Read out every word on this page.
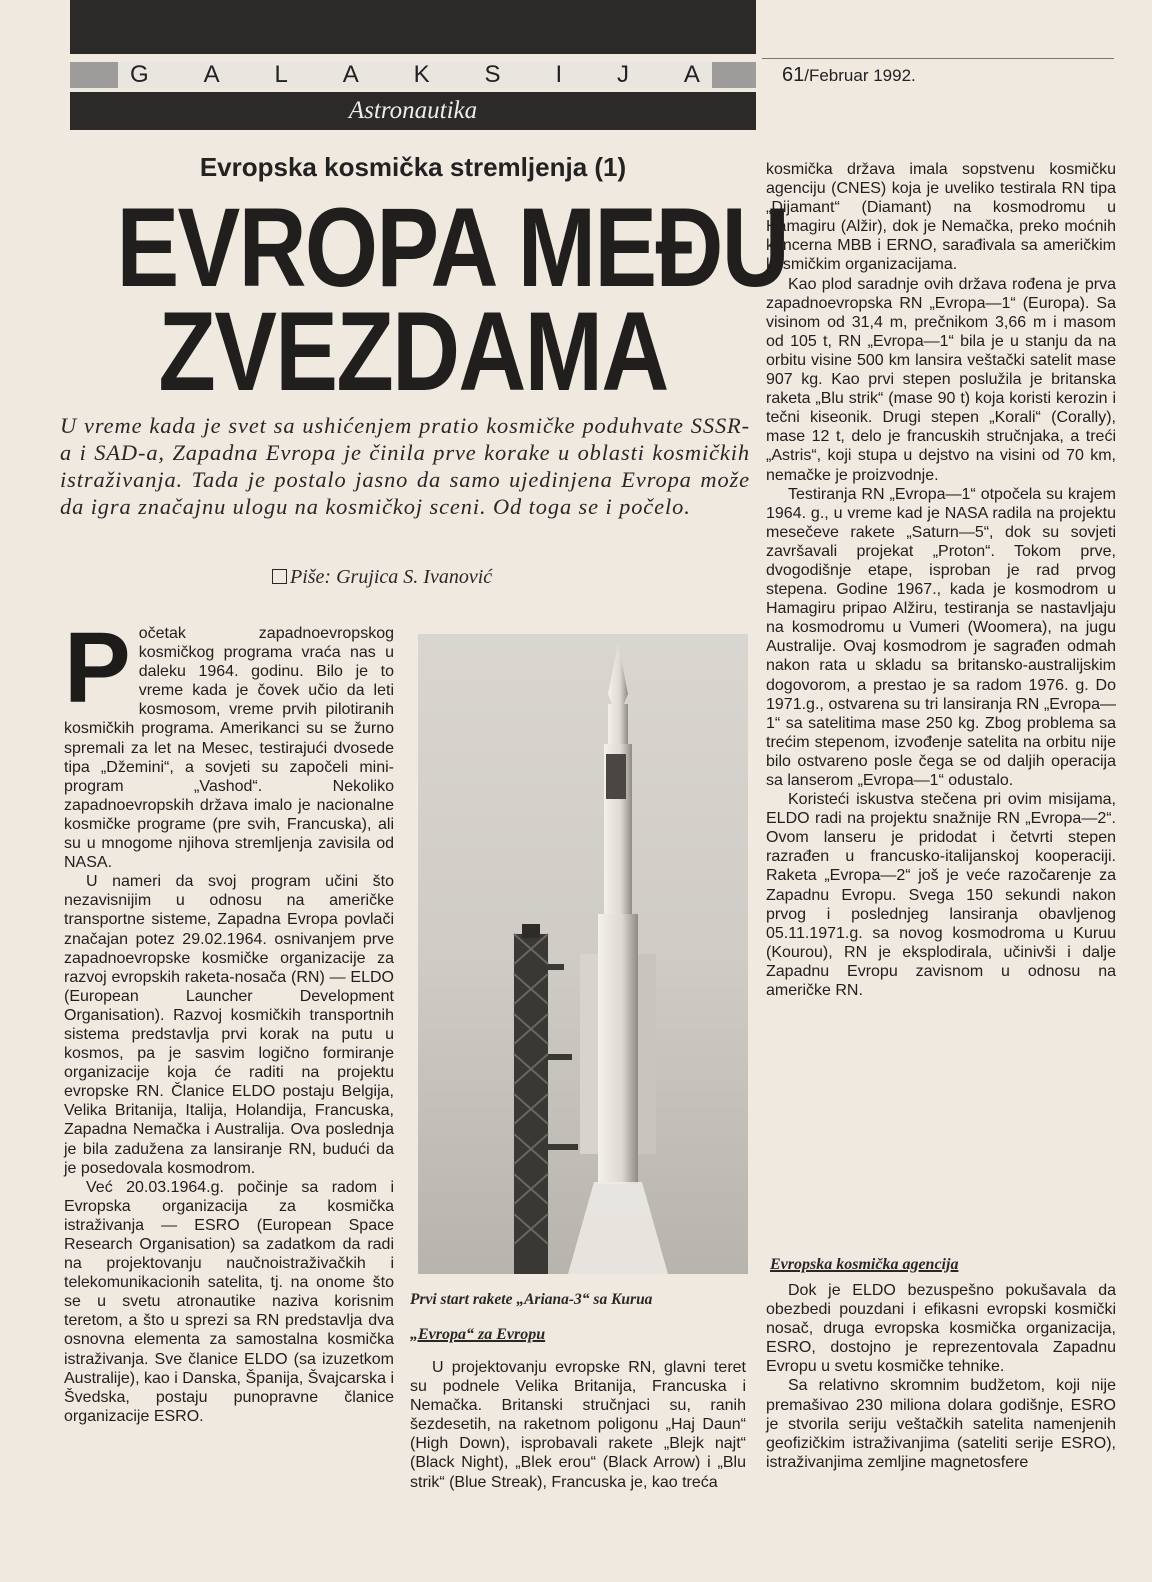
G A L A K S I J A	61/Februar 1992.
Astronautika
Evropska kosmička stremljenja (1)
EVROPA MEĐU
ZVEZDAMA

U vreme kada je svet sa ushićenjem pratio kosmičke poduhvate SSSR-a i SAD-a, Zapadna Evropa je činila prve korake u oblasti kosmičkih istraživanja. Tada je postalo jasno da samo ujedinjena Evropa može da igra značajnu ulogu na kosmičkoj sceni. Od toga se i počelo.

Piše: Grujica S. Ivanović

Početak zapadnoevropskog kosmičkog programa vraća nas u daleku 1964. godinu. Bilo je to vreme kada je čovek učio da leti kosmosom, vreme prvih pilotiranih kosmičkih programa. Amerikanci su se žurno spremali za let na Mesec, testirajući dvosede tipa „Džemini“, a sovjeti su započeli mini-program „Vashod“. Nekoliko zapadnoevropskih država imalo je nacionalne kosmičke programe (pre svih, Francuska), ali su u mnogome njihova stremljenja zavisila od NASA.

U nameri da svoj program učini što nezavisnijim u odnosu na američke transportne sisteme, Zapadna Evropa povlači značajan potez 29.02.1964. osnivanjem prve zapadnoevropske kosmičke organizacije za razvoj evropskih raketa-nosača (RN) — ELDO (European Launcher Development Organisation). Razvoj kosmičkih transportnih sistema predstavlja prvi korak na putu u kosmos, pa je sasvim logično formiranje organizacije koja će raditi na projektu evropske RN. Članice ELDO postaju Belgija, Velika Britanija, Italija, Holandija, Francuska, Zapadna Nemačka i Australija. Ova poslednja je bila zadužena za lansiranje RN, budući da je posedovala kosmodrom.

Već 20.03.1964.g. počinje sa radom i Evropska organizacija za kosmička istraživanja — ESRO (European Space Research Organisation) sa zadatkom da radi na projektovanju naučnoistraživačkih i telekomunikacionih satelita, tj. na onome što se u svetu atronautike naziva korisnim teretom, a što u sprezi sa RN predstavlja dva osnovna elementa za samostalna kosmička istraživanja. Sve članice ELDO (sa izuzetkom Australije), kao i Danska, Španija, Švajcarska i Švedska, postaju punopravne članice organizacije ESRO.

Prvi start rakete „Ariana-3“ sa Kurua
„Evropa“ za Evropu

U projektovanju evropske RN, glavni teret su podnele Velika Britanija, Francuska i Nemačka. Britanski stručnjaci su, ranih šezdesetih, na raketnom poligonu „Haj Daun“ (High Down), isprobavali rakete „Blejk najt“ (Black Night), „Blek erou“ (Black Arrow) i „Blu strik“ (Blue Streak), Francuska je, kao treća

kosmička država imala sopstvenu kosmičku agenciju (CNES) koja je uveliko testirala RN tipa „Dijamant“ (Diamant) na kosmodromu u Hamagiru (Alžir), dok je Nemačka, preko moćnih koncerna MBB i ERNO, sarađivala sa američkim kosmičkim organizacijama.

Kao plod saradnje ovih država rođena je prva zapadnoevropska RN „Evropa—1“ (Europa). Sa visinom od 31,4 m, prečnikom 3,66 m i masom od 105 t, RN „Evropa—1“ bila je u stanju da na orbitu visine 500 km lansira veštački satelit mase 907 kg. Kao prvi stepen poslužila je britanska raketa „Blu strik“ (mase 90 t) koja koristi kerozin i tečni kiseonik. Drugi stepen „Korali“ (Corally), mase 12 t, delo je francuskih stručnjaka, a treći „Astris“, koji stupa u dejstvo na visini od 70 km, nemačke je proizvodnje.

Testiranja RN „Evropa—1“ otpočela su krajem 1964. g., u vreme kad je NASA radila na projektu mesečeve rakete „Saturn—5“, dok su sovjeti završavali projekat „Proton“. Tokom prve, dvogodišnje etape, isproban je rad prvog stepena. Godine 1967., kada je kosmodrom u Hamagiru pripao Alžiru, testiranja se nastavljaju na kosmodromu u Vumeri (Woomera), na jugu Australije. Ovaj kosmodrom je sagrađen odmah nakon rata u skladu sa britansko-australijskim dogovorom, a prestao je sa radom 1976. g. Do 1971.g., ostvarena su tri lansiranja RN „Evropa—1“ sa satelitima mase 250 kg. Zbog problema sa trećim stepenom, izvođenje satelita na orbitu nije bilo ostvareno posle čega se od daljih operacija sa lanserom „Evropa—1“ odustalo.

Koristeći iskustva stečena pri ovim misijama, ELDO radi na projektu snažnije RN „Evropa—2“. Ovom lanseru je pridodat i četvrti stepen razrađen u francusko-italijanskoj kooperaciji. Raketa „Evropa—2“ još je veće razočarenje za Zapadnu Evropu. Svega 150 sekundi nakon prvog i poslednjeg lansiranja obavljenog 05.11.1971.g. sa novog kosmodroma u Kuruu (Kourou), RN je eksplodirala, učinivši i dalje Zapadnu Evropu zavisnom u odnosu na američke RN.

Evropska kosmička agencija

Dok je ELDO bezuspešno pokušavala da obezbedi pouzdani i efikasni evropski kosmički nosač, druga evropska kosmička organizacija, ESRO, dostojno je reprezentovala Zapadnu Evropu u svetu kosmičke tehnike.

Sa relativno skromnim budžetom, koji nije premašivao 230 miliona dolara godišnje, ESRO je stvorila seriju veštačkih satelita namenjenih geofizičkim istraživanjima (sateliti serije ESRO), istraživanjima zemljine magnetosfere
